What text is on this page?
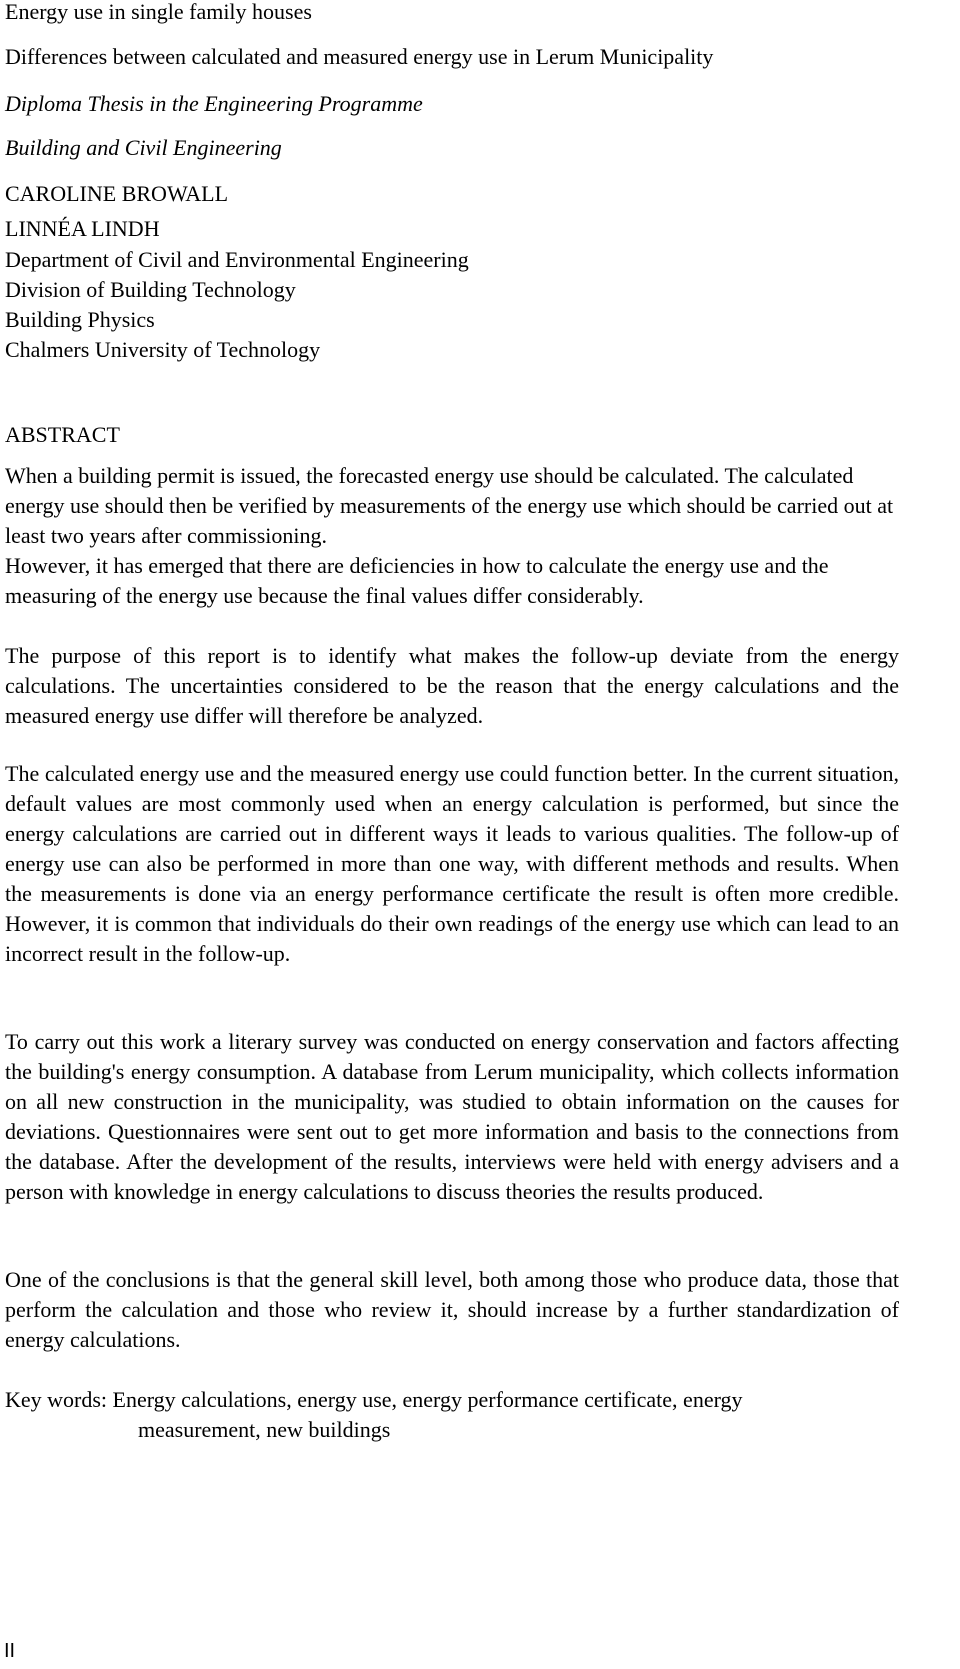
Energy use in single family houses

Differences between calculated and measured energy use in Lerum Municipality

Diploma Thesis in the Engineering Programme

Building and Civil Engineering

CAROLINE BROWALL

LINNÉA LINDH

Department of Civil and Environmental Engineering

Division of Building Technology

Building Physics

Chalmers University of Technology

ABSTRACT

When a building permit is issued, the forecasted energy use should be calculated. The calculated energy use should then be verified by measurements of the energy use which should be carried out at least two years after commissioning.

However, it has emerged that there are deficiencies in how to calculate the energy use and the measuring of the energy use because the final values differ considerably.

The purpose of this report is to identify what makes the follow-up deviate from the energy calculations. The uncertainties considered to be the reason that the energy calculations and the measured energy use differ will therefore be analyzed.

The calculated energy use and the measured energy use could function better. In the current situation, default values are most commonly used when an energy calculation is performed, but since the energy calculations are carried out in different ways it leads to various qualities. The follow-up of energy use can also be performed in more than one way, with different methods and results. When the measurements is done via an energy performance certificate the result is often more credible. However, it is common that individuals do their own readings of the energy use which can lead to an incorrect result in the follow-up.

To carry out this work a literary survey was conducted on energy conservation and factors affecting the building's energy consumption. A database from Lerum municipality, which collects information on all new construction in the municipality, was studied to obtain information on the causes for deviations. Questionnaires were sent out to get more information and basis to the connections from the database. After the development of the results, interviews were held with energy advisers and a person with knowledge in energy calculations to discuss theories the results produced.

One of the conclusions is that the general skill level, both among those who produce data, those that perform the calculation and those who review it, should increase by a further standardization of energy calculations.

Key words: Energy calculations, energy use, energy performance certificate, energy
measurement, new buildings
II
